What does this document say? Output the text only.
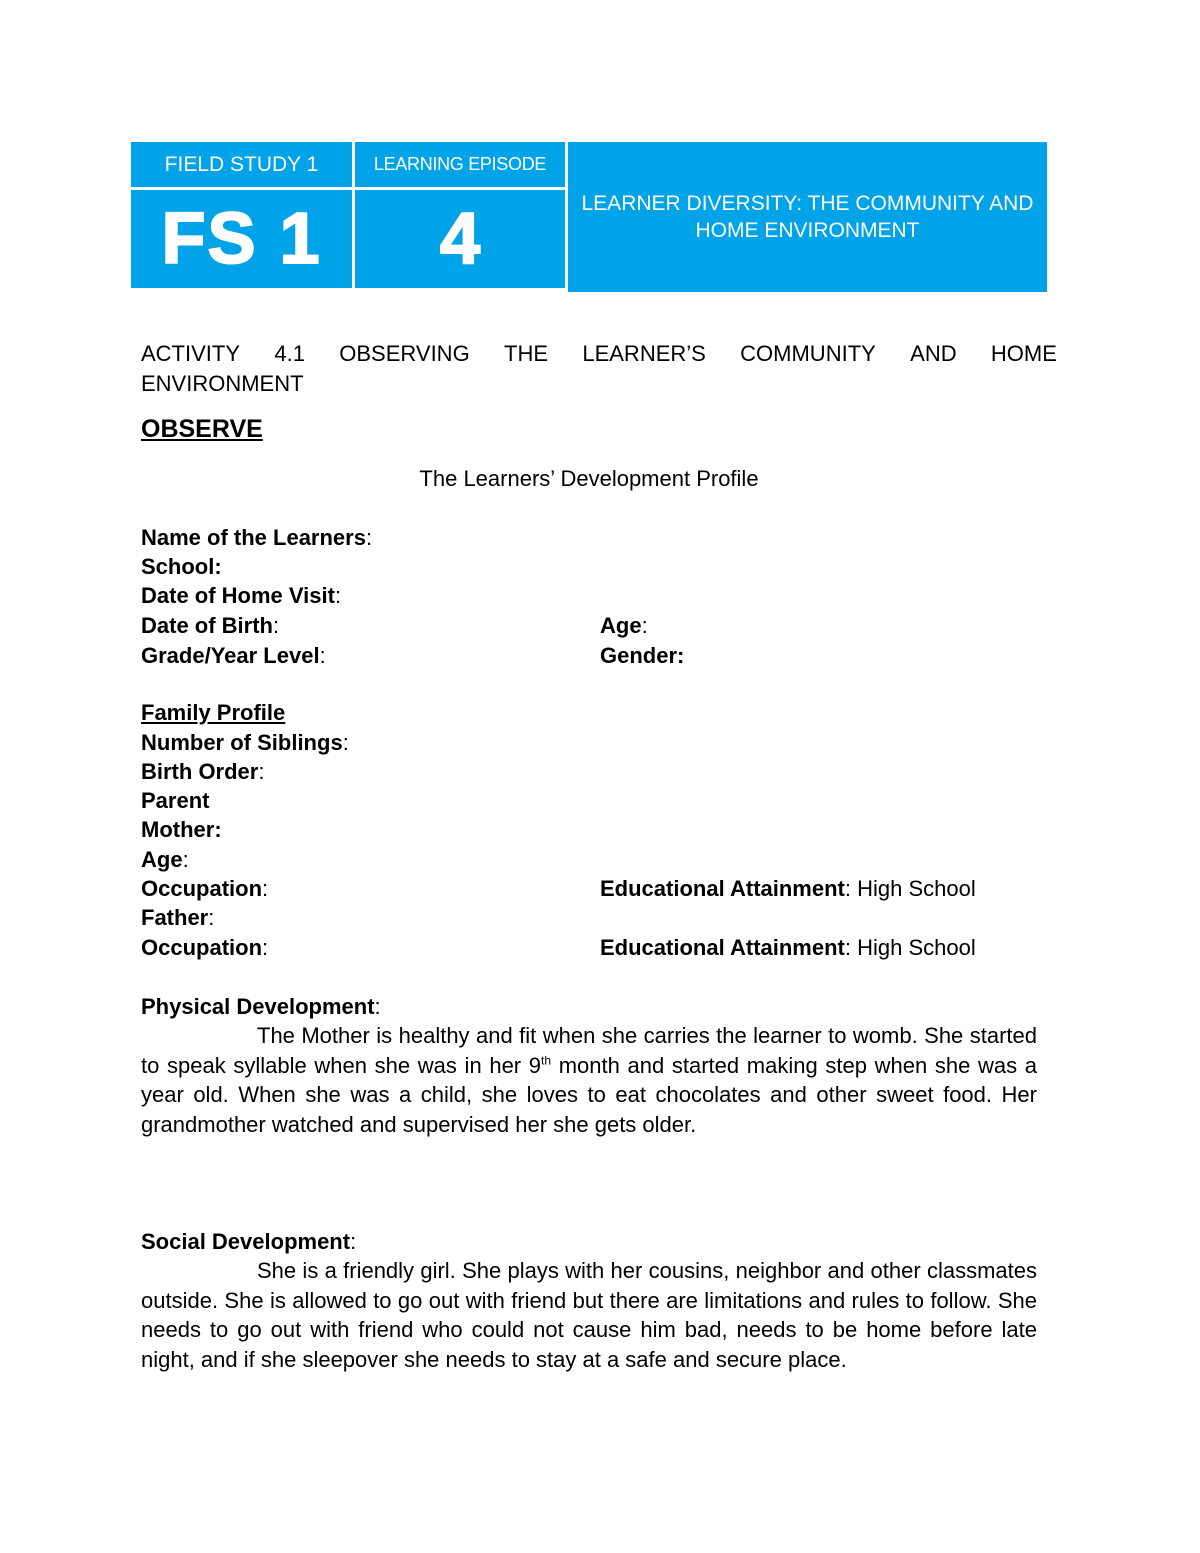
FIELD STUDY 1	LEARNING EPISODE
FS 1	4	LEARNER DIVERSITY: THE COMMUNITY AND HOME ENVIRONMENT
ACTIVITY 4.1 OBSERVING THE LEARNER’S COMMUNITY AND HOME
ENVIRONMENT
OBSERVE
The Learners’ Development Profile
Name of the Learners:
School:
Date of Home Visit:
Date of Birth:	Age:
Grade/Year Level:	Gender:
Family Profile
Number of Siblings:
Birth Order:
Parent
Mother:
Age:
Occupation:	Educational Attainment: High School
Father:
Occupation:	Educational Attainment: High School
Physical Development:
The Mother is healthy and fit when she carries the learner to womb. She started to speak syllable when she was in her 9th month and started making step when she was a year old. When she was a child, she loves to eat chocolates and other sweet food. Her grandmother watched and supervised her she gets older.
Social Development:
She is a friendly girl. She plays with her cousins, neighbor and other classmates outside. She is allowed to go out with friend but there are limitations and rules to follow. She needs to go out with friend who could not cause him bad, needs to be home before late night, and if she sleepover she needs to stay at a safe and secure place.
